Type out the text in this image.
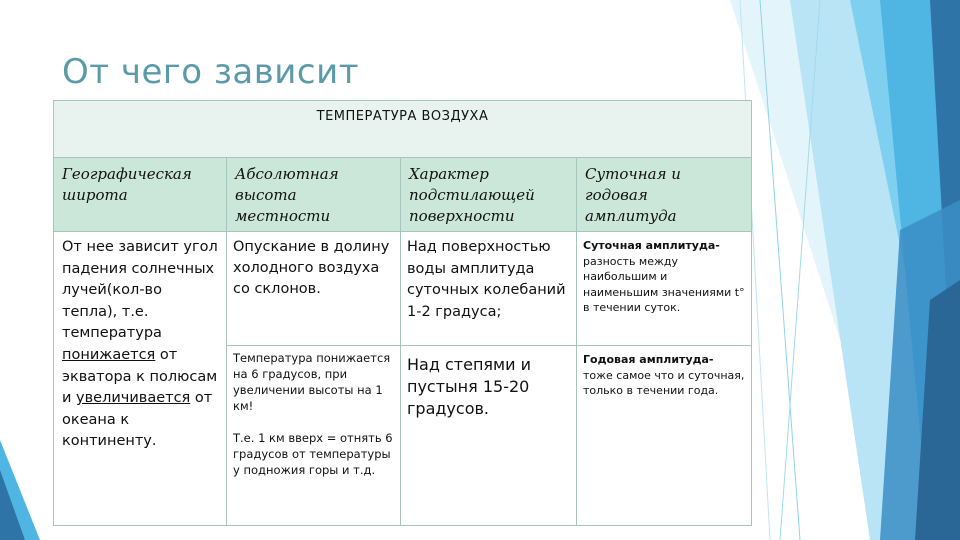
От чего зависит
ТЕМПЕРАТУРА ВОЗДУХА			

Географическая широта	Абсолютная высота местности	Характер подстилающей поверхности	Суточная и годовая амплитуда

От нее зависит угол падения солнечных лучей(кол-во тепла), т.е. температура понижается от экватора к полюсам и увеличивается от океана к континенту.	Опускание в долину холодного воздуха со склонов.	Над поверхностью воды амплитуда суточных колебаний 1-2 градуса;	Суточная амплитуда- разность между наибольшим и наименьшим значениями t° в течении суток.

	Температура понижается на 6 градусов, при увеличении высоты на 1 км!
Т.е. 1 км вверх = отнять 6 градусов от температуры у подножия горы и т.д.	Над степями и пустыня 15-20 градусов.	Годовая амплитуда- тоже самое что и суточная, только в течении года.
